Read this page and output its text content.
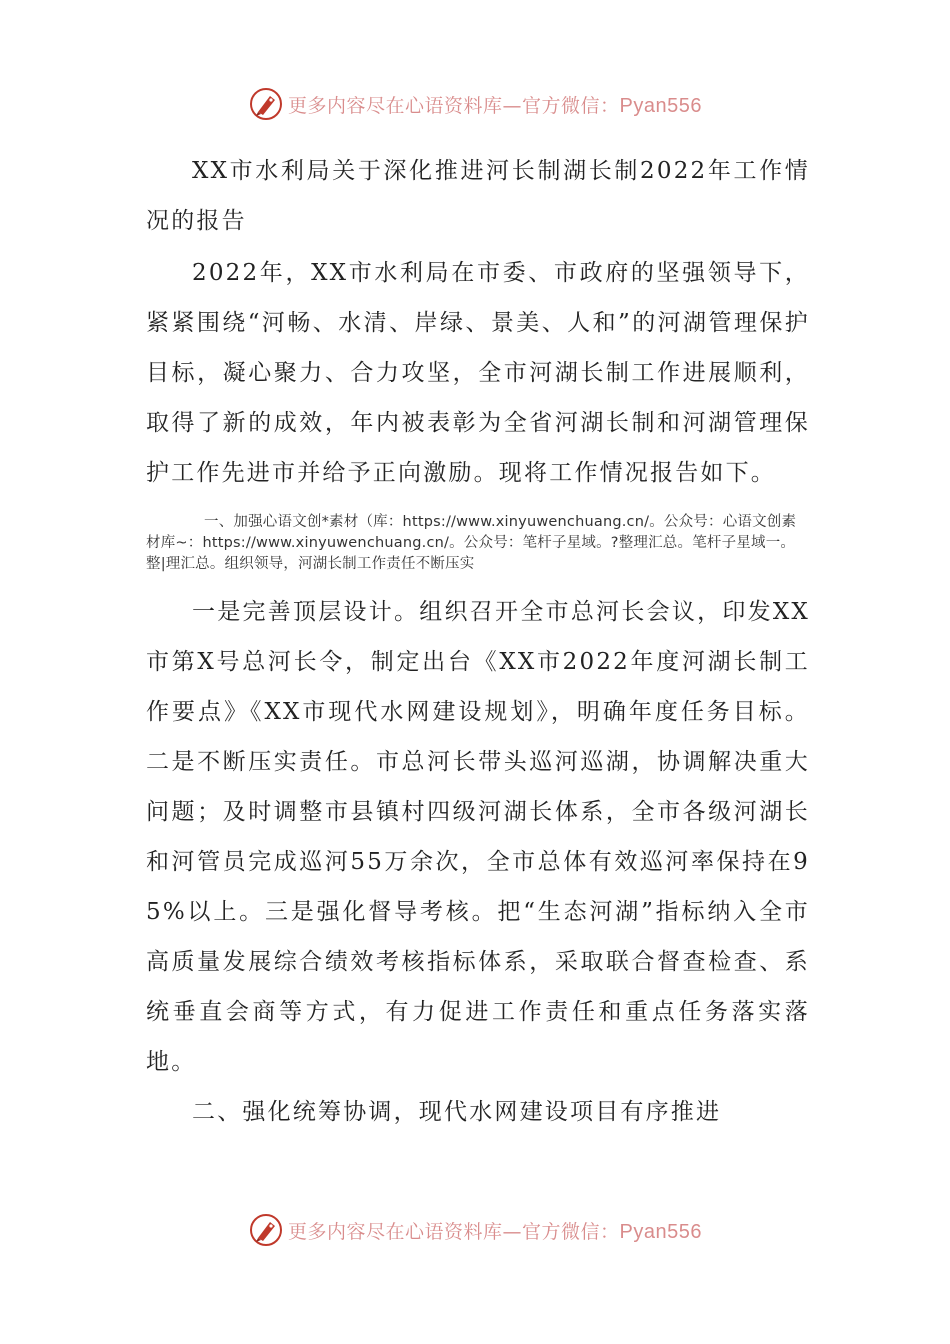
更多内容尽在心语资料库—官方微信：Pyan556

XX市水利局关于深化推进河长制湖长制2022年工作情况的报告

2022年，XX市水利局在市委、市政府的坚强领导下，紧紧围绕“河畅、水清、岸绿、景美、人和”的河湖管理保护目标，凝心聚力、合力攻坚，全市河湖长制工作进展顺利，取得了新的成效，年内被表彰为全省河湖长制和河湖管理保护工作先进市并给予正向激励。现将工作情况报告如下。

一、加强心语文创*素材（库：https://www.xinyuwenchuang.cn/。公众号：心语文创素材库~：https://www.xinyuwenchuang.cn/。公众号：笔杆子星域。?整理汇总。笔杆子星域一。整|理汇总。组织领导，河湖长制工作责任不断压实

一是完善顶层设计。组织召开全市总河长会议，印发XX市第X号总河长令，制定出台《XX市2022年度河湖长制工作要点》《XX市现代水网建设规划》，明确年度任务目标。二是不断压实责任。市总河长带头巡河巡湖，协调解决重大问题；及时调整市县镇村四级河湖长体系，全市各级河湖长和河管员完成巡河55万余次，全市总体有效巡河率保持在95%以上。三是强化督导考核。把“生态河湖”指标纳入全市高质量发展综合绩效考核指标体系，采取联合督查检查、系统垂直会商等方式，有力促进工作责任和重点任务落实落地。

二、强化统筹协调，现代水网建设项目有序推进

更多内容尽在心语资料库—官方微信：Pyan556
